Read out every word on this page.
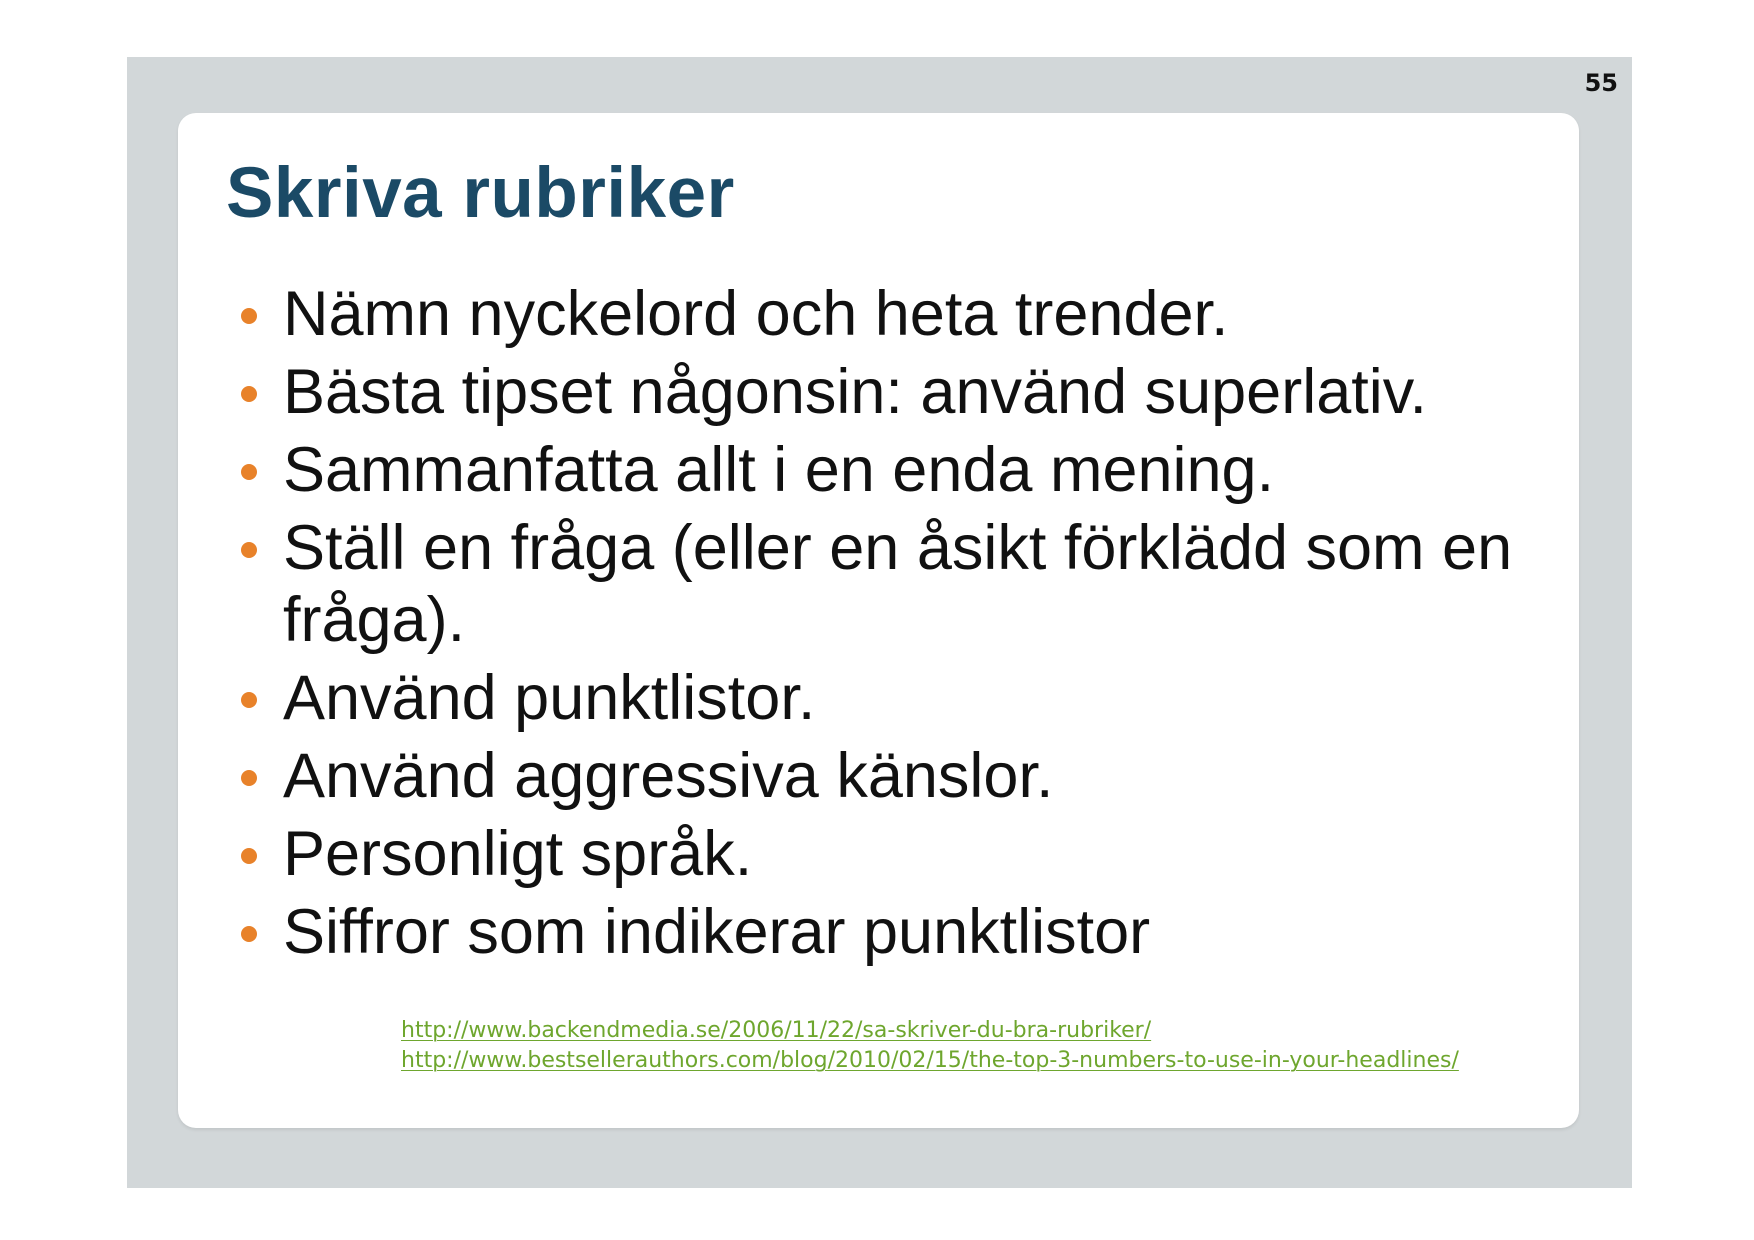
55
Skriva rubriker
Nämn nyckelord och heta trender.
Bästa tipset någonsin: använd superlativ.
Sammanfatta allt i en enda mening.
Ställ en fråga (eller en åsikt förklädd som en fråga).
Använd punktlistor.
Använd aggressiva känslor.
Personligt språk.
Siffror som indikerar punktlistor
http://www.backendmedia.se/2006/11/22/sa-skriver-du-bra-rubriker/
http://www.bestsellerauthors.com/blog/2010/02/15/the-top-3-numbers-to-use-in-your-headlines/
